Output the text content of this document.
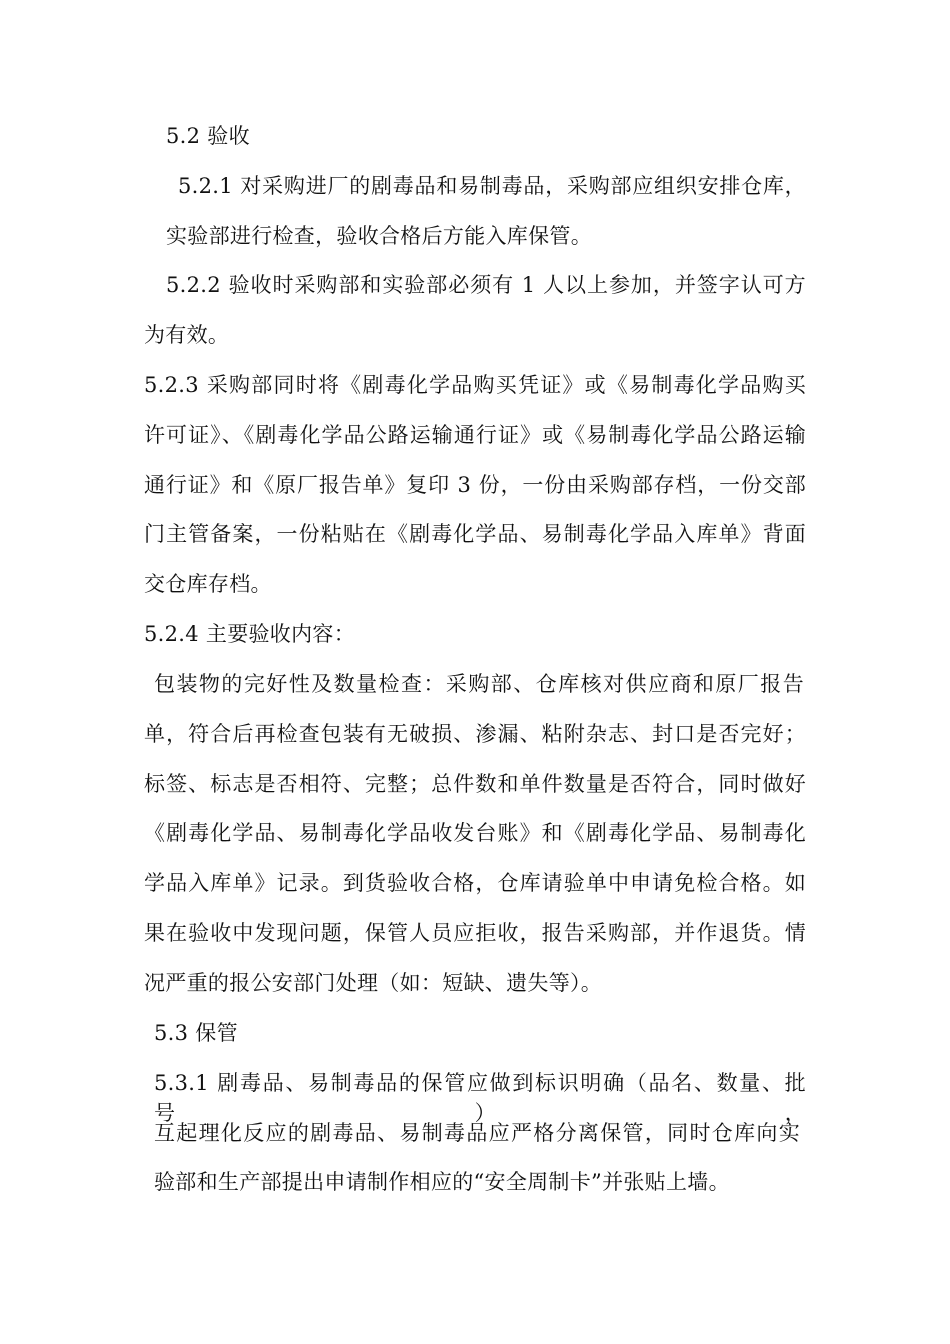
5.2 验收
5.2.1 对采购进厂的剧毒品和易制毒品，采购部应组织安排仓库，
实验部进行检查，验收合格后方能入库保管。
5.2.2 验收时采购部和实验部必须有 1 人以上参加，并签字认可方
为有效。
5.2.3 采购部同时将《剧毒化学品购买凭证》或《易制毒化学品购买
许可证》、《剧毒化学品公路运输通行证》或《易制毒化学品公路运输
通行证》和《原厂报告单》复印 3 份，一份由采购部存档，一份交部
门主管备案，一份粘贴在《剧毒化学品、易制毒化学品入库单》背面
交仓库存档。
5.2.4 主要验收内容：
包装物的完好性及数量检查：采购部、仓库核对供应商和原厂报告
单，符合后再检查包装有无破损、渗漏、粘附杂志、封口是否完好；
标签、标志是否相符、完整；总件数和单件数量是否符合，同时做好
《剧毒化学品、易制毒化学品收发台账》和《剧毒化学品、易制毒化
学品入库单》记录。到货验收合格，仓库请验单中申请免检合格。如
果在验收中发现问题，保管人员应拒收，报告采购部，并作退货。情
况严重的报公安部门处理（如：短缺、遗失等）。
5.3 保管
5.3.1 剧毒品、易制毒品的保管应做到标识明确（品名、数量、批号），
互起理化反应的剧毒品、易制毒品应严格分离保管，同时仓库向实
验部和生产部提出申请制作相应的“安全周制卡”并张贴上墙。
